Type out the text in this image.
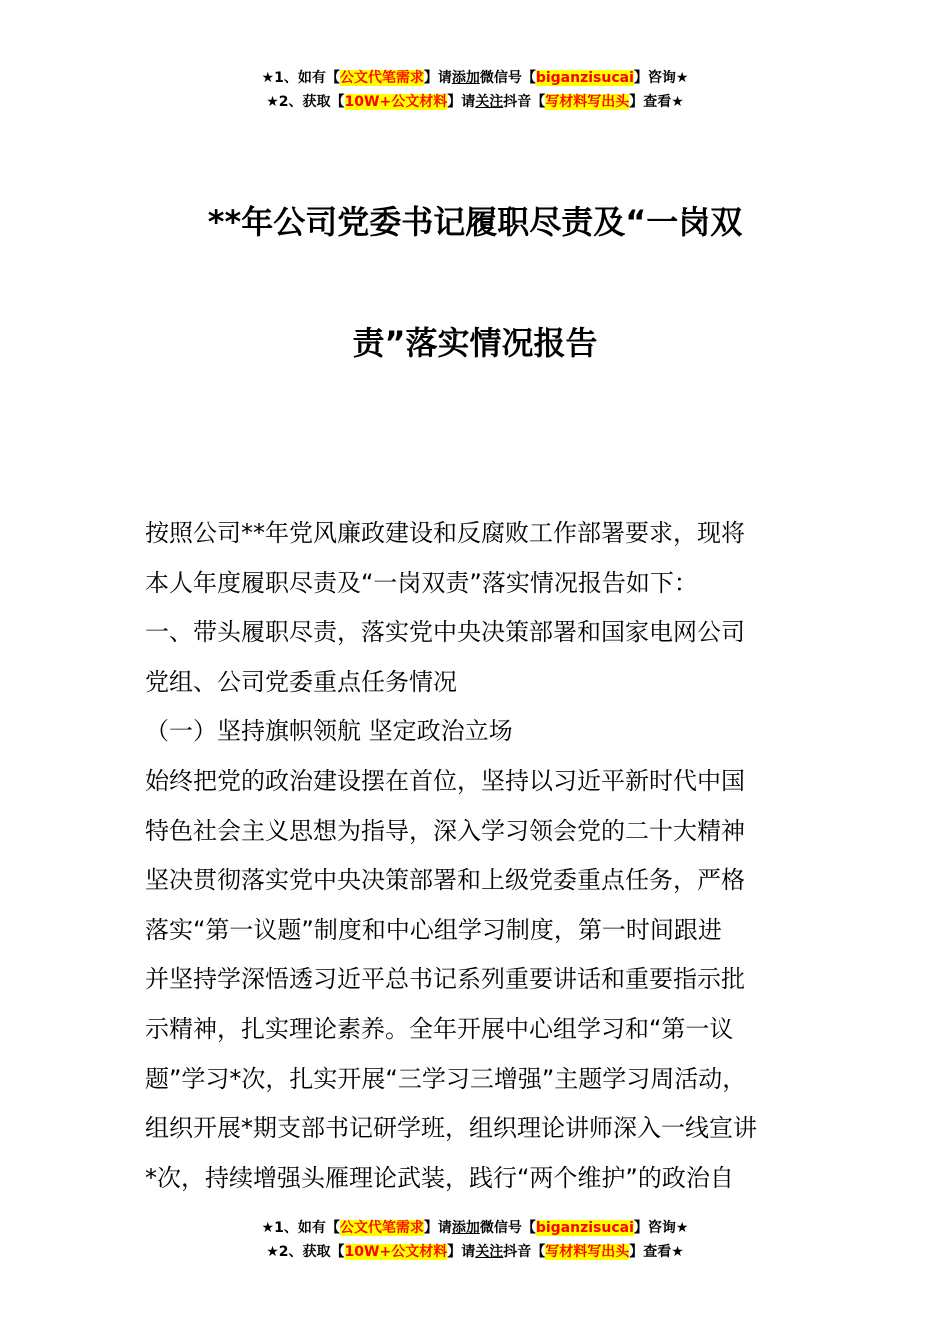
★1、如有【公文代笔需求】请添加微信号【biganzisucai】咨询★
★2、获取【10W+公文材料】请关注抖音【写材料写出头】查看★
**年公司党委书记履职尽责及“一岗双
责”落实情况报告

按照公司**年党风廉政建设和反腐败工作部署要求，现将

本人年度履职尽责及“一岗双责”落实情况报告如下：

一、带头履职尽责，落实党中央决策部署和国家电网公司

党组、公司党委重点任务情况

（一）坚持旗帜领航 坚定政治立场

始终把党的政治建设摆在首位，坚持以习近平新时代中国

特色社会主义思想为指导，深入学习领会党的二十大精神

坚决贯彻落实党中央决策部署和上级党委重点任务，严格

落实“第一议题”制度和中心组学习制度，第一时间跟进

并坚持学深悟透习近平总书记系列重要讲话和重要指示批

示精神，扎实理论素养。全年开展中心组学习和“第一议

题”学习*次，扎实开展“三学习三增强”主题学习周活动，

组织开展*期支部书记研学班，组织理论讲师深入一线宣讲

*次，持续增强头雁理论武装，践行“两个维护”的政治自

★1、如有【公文代笔需求】请添加微信号【biganzisucai】咨询★
★2、获取【10W+公文材料】请关注抖音【写材料写出头】查看★
